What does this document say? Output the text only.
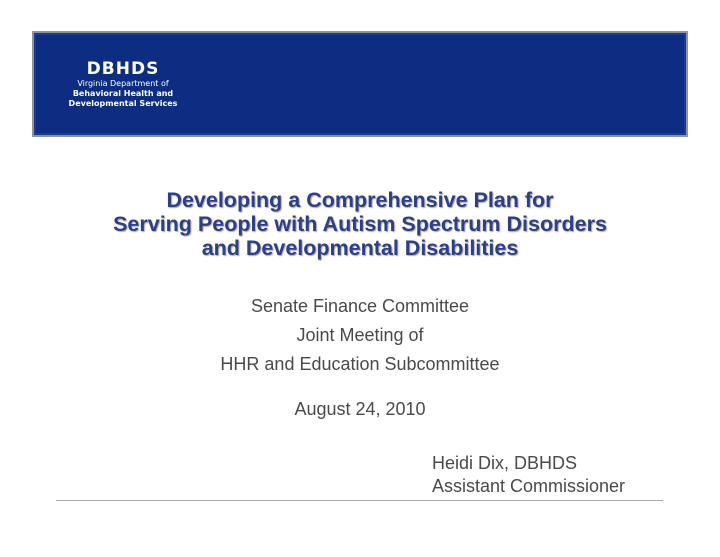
DBHDS
Virginia Department of
Behavioral Health and
Developmental Services
Developing a Comprehensive Plan for
Serving People with Autism Spectrum Disorders
and Developmental Disabilities
Senate Finance Committee
Joint Meeting of
HHR and Education Subcommittee
August 24, 2010
Heidi Dix, DBHDS
Assistant Commissioner
